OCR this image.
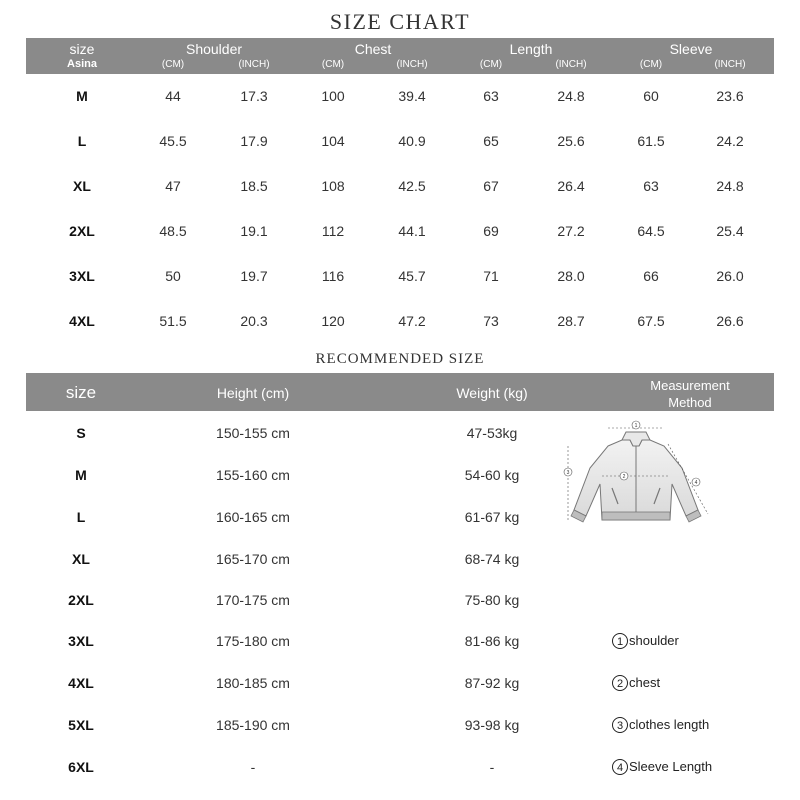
SIZE CHART
size
Asina
Shoulder
(CM)	(INCH)
Chest
(CM)	(INCH)
Length
(CM)	(INCH)
Sleeve
(CM)	(INCH)
M	44	17.3	100	39.4	63	24.8	60	23.6
L	45.5	17.9	104	40.9	65	25.6	61.5	24.2
XL	47	18.5	108	42.5	67	26.4	63	24.8
2XL	48.5	19.1	112	44.1	69	27.2	64.5	25.4
3XL	50	19.7	116	45.7	71	28.0	66	26.0
4XL	51.5	20.3	120	47.2	73	28.7	67.5	26.6
RECOMMENDED SIZE
size	Height (cm)	Weight (kg)	Measurement
Method
S	150-155 cm	47-53kg
M	155-160 cm	54-60 kg
L	160-165 cm	61-67 kg
XL	165-170 cm	68-74 kg
2XL	170-175 cm	75-80 kg
3XL	175-180 cm	81-86 kg
4XL	180-185 cm	87-92 kg
5XL	185-190 cm	93-98 kg
6XL	-	-
1
2
3
4
1 shoulder
2 chest
3 clothes length
4 Sleeve Length
